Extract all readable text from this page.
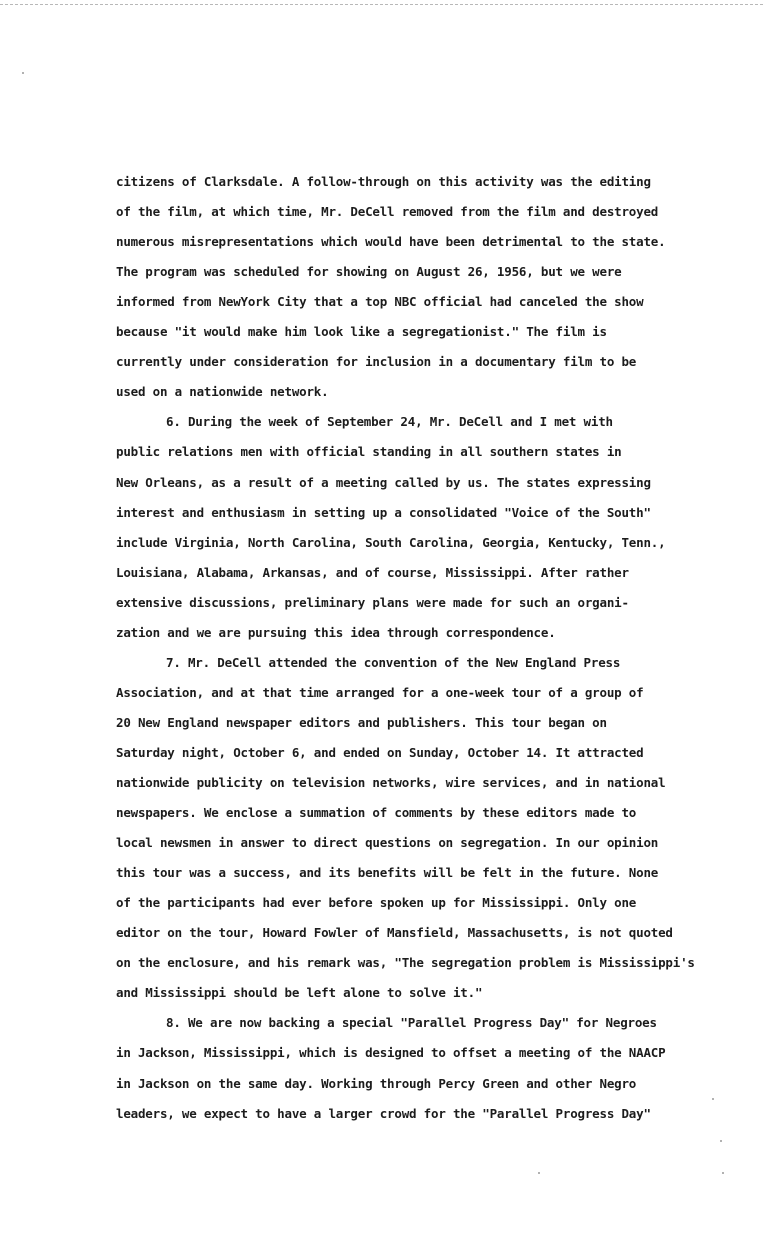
citizens of Clarksdale. A follow-through on this activity was the editing

of the film, at which time, Mr. DeCell removed from the film and destroyed

numerous misrepresentations which would have been detrimental to the state.

The program was scheduled for showing on August 26, 1956, but we were

informed from NewYork City that a top NBC official had canceled the show

because "it would make him look like a segregationist." The film is

currently under consideration for inclusion in a documentary film to be

used on a nationwide network.

6. During the week of September 24, Mr. DeCell and I met with

public relations men with official standing in all southern states in

New Orleans, as a result of a meeting called by us. The states expressing

interest and enthusiasm in setting up a consolidated "Voice of the South"

include Virginia, North Carolina, South Carolina, Georgia, Kentucky, Tenn.,

Louisiana, Alabama, Arkansas, and of course, Mississippi. After rather

extensive discussions, preliminary plans were made for such an organi-

zation and we are pursuing this idea through correspondence.

7. Mr. DeCell attended the convention of the New England Press

Association, and at that time arranged for a one-week tour of a group of

20 New England newspaper editors and publishers. This tour began on

Saturday night, October 6, and ended on Sunday, October 14. It attracted

nationwide publicity on television networks, wire services, and in national

newspapers. We enclose a summation of comments by these editors made to

local newsmen in answer to direct questions on segregation. In our opinion

this tour was a success, and its benefits will be felt in the future. None

of the participants had ever before spoken up for Mississippi. Only one

editor on the tour, Howard Fowler of Mansfield, Massachusetts, is not quoted

on the enclosure, and his remark was, "The segregation problem is Mississippi's

and Mississippi should be left alone to solve it."

8. We are now backing a special "Parallel Progress Day" for Negroes

in Jackson, Mississippi, which is designed to offset a meeting of the NAACP

in Jackson on the same day. Working through Percy Green and other Negro

leaders, we expect to have a larger crowd for the "Parallel Progress Day"
